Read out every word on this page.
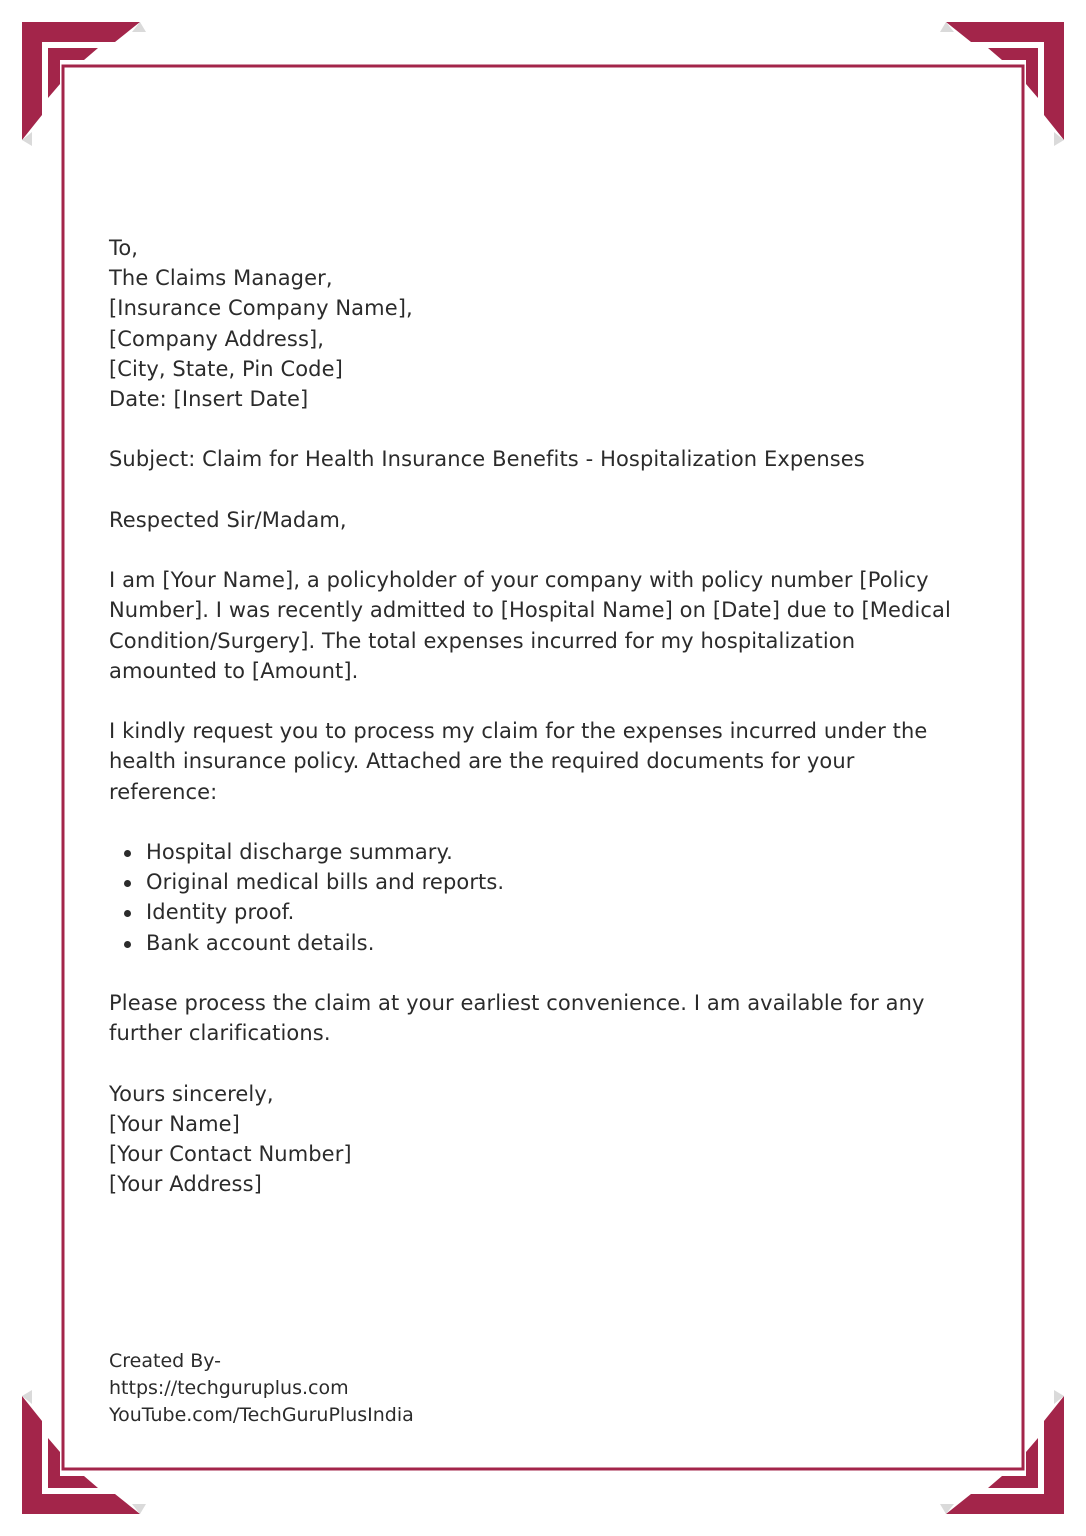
To,
The Claims Manager,
[Insurance Company Name],
[Company Address],
[City, State, Pin Code]
Date: [Insert Date]
Subject: Claim for Health Insurance Benefits - Hospitalization Expenses
Respected Sir/Madam,
I am [Your Name], a policyholder of your company with policy number [Policy
Number]. I was recently admitted to [Hospital Name] on [Date] due to [Medical
Condition/Surgery]. The total expenses incurred for my hospitalization
amounted to [Amount].
I kindly request you to process my claim for the expenses incurred under the
health insurance policy. Attached are the required documents for your
reference:
Hospital discharge summary.
Original medical bills and reports.
Identity proof.
Bank account details.
Please process the claim at your earliest convenience. I am available for any
further clarifications.
Yours sincerely,
[Your Name]
[Your Contact Number]
[Your Address]
Created By-
https://techguruplus.com
YouTube.com/TechGuruPlusIndia
